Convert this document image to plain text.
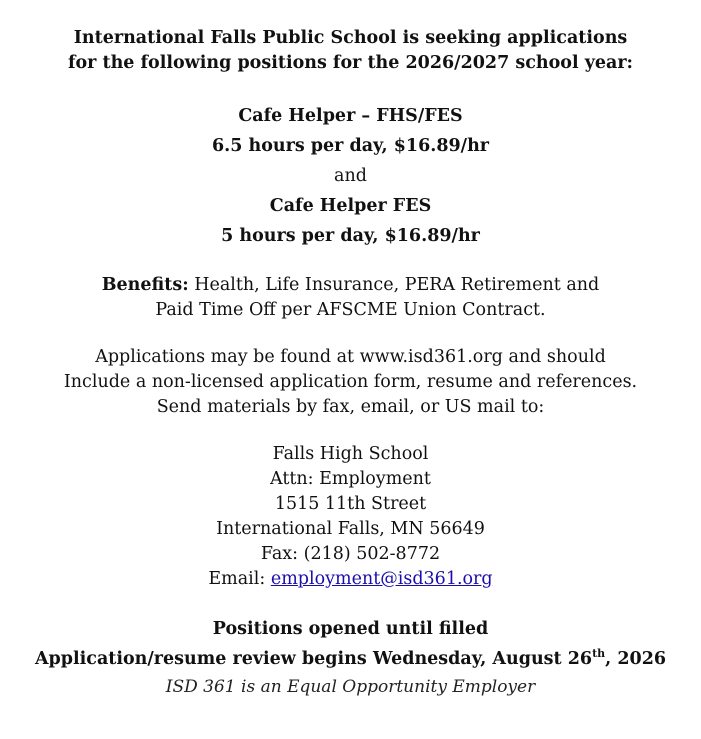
International Falls Public School is seeking applications
for the following positions for the 2026/2027 school year:
Cafe Helper – FHS/FES
6.5 hours per day, $16.89/hr
and
Cafe Helper FES
5 hours per day, $16.89/hr
Benefits: Health, Life Insurance, PERA Retirement and
Paid Time Off per AFSCME Union Contract.
Applications may be found at www.isd361.org and should
Include a non-licensed application form, resume and references.
Send materials by fax, email, or US mail to:
Falls High School
Attn: Employment
1515 11th Street
International Falls, MN 56649
Fax: (218) 502-8772
Email: employment@isd361.org
Positions opened until filled
Application/resume review begins Wednesday, August 26th, 2026
ISD 361 is an Equal Opportunity Employer
